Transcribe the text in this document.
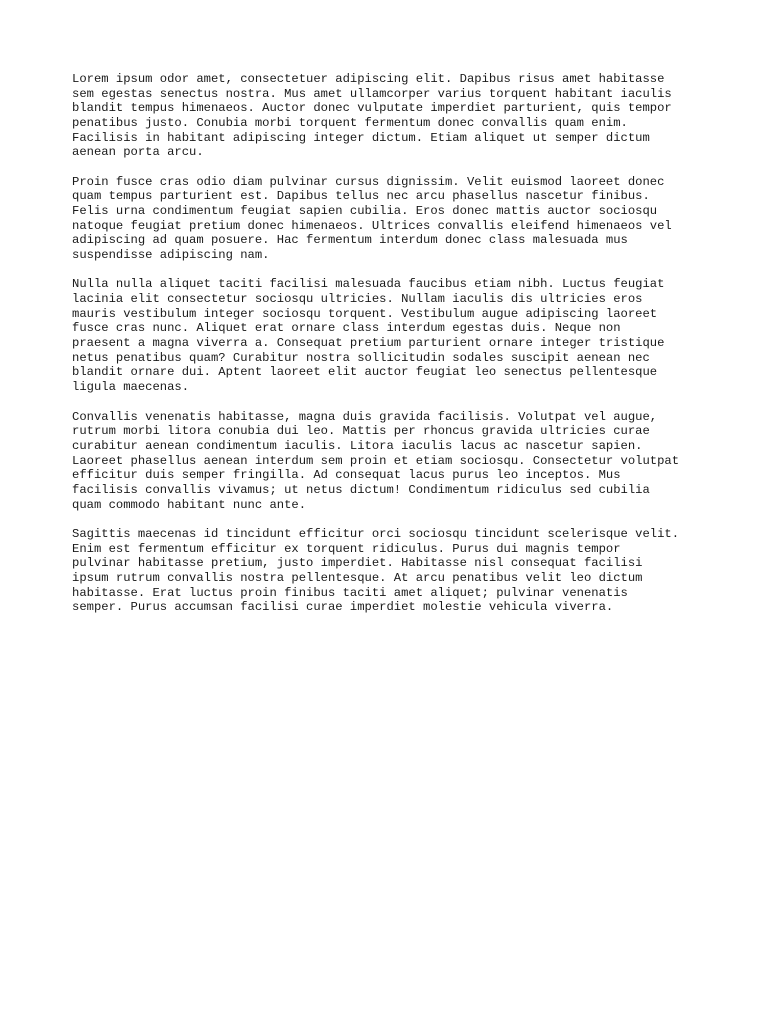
Lorem ipsum odor amet, consectetuer adipiscing elit. Dapibus risus amet habitasse
sem egestas senectus nostra. Mus amet ullamcorper varius torquent habitant iaculis
blandit tempus himenaeos. Auctor donec vulputate imperdiet parturient, quis tempor
penatibus justo. Conubia morbi torquent fermentum donec convallis quam enim.
Facilisis in habitant adipiscing integer dictum. Etiam aliquet ut semper dictum
aenean porta arcu.

Proin fusce cras odio diam pulvinar cursus dignissim. Velit euismod laoreet donec
quam tempus parturient est. Dapibus tellus nec arcu phasellus nascetur finibus.
Felis urna condimentum feugiat sapien cubilia. Eros donec mattis auctor sociosqu
natoque feugiat pretium donec himenaeos. Ultrices convallis eleifend himenaeos vel
adipiscing ad quam posuere. Hac fermentum interdum donec class malesuada mus
suspendisse adipiscing nam.

Nulla nulla aliquet taciti facilisi malesuada faucibus etiam nibh. Luctus feugiat
lacinia elit consectetur sociosqu ultricies. Nullam iaculis dis ultricies eros
mauris vestibulum integer sociosqu torquent. Vestibulum augue adipiscing laoreet
fusce cras nunc. Aliquet erat ornare class interdum egestas duis. Neque non
praesent a magna viverra a. Consequat pretium parturient ornare integer tristique
netus penatibus quam? Curabitur nostra sollicitudin sodales suscipit aenean nec
blandit ornare dui. Aptent laoreet elit auctor feugiat leo senectus pellentesque
ligula maecenas.

Convallis venenatis habitasse, magna duis gravida facilisis. Volutpat vel augue,
rutrum morbi litora conubia dui leo. Mattis per rhoncus gravida ultricies curae
curabitur aenean condimentum iaculis. Litora iaculis lacus ac nascetur sapien.
Laoreet phasellus aenean interdum sem proin et etiam sociosqu. Consectetur volutpat
efficitur duis semper fringilla. Ad consequat lacus purus leo inceptos. Mus
facilisis convallis vivamus; ut netus dictum! Condimentum ridiculus sed cubilia
quam commodo habitant nunc ante.

Sagittis maecenas id tincidunt efficitur orci sociosqu tincidunt scelerisque velit.
Enim est fermentum efficitur ex torquent ridiculus. Purus dui magnis tempor
pulvinar habitasse pretium, justo imperdiet. Habitasse nisl consequat facilisi
ipsum rutrum convallis nostra pellentesque. At arcu penatibus velit leo dictum
habitasse. Erat luctus proin finibus taciti amet aliquet; pulvinar venenatis
semper. Purus accumsan facilisi curae imperdiet molestie vehicula viverra.
